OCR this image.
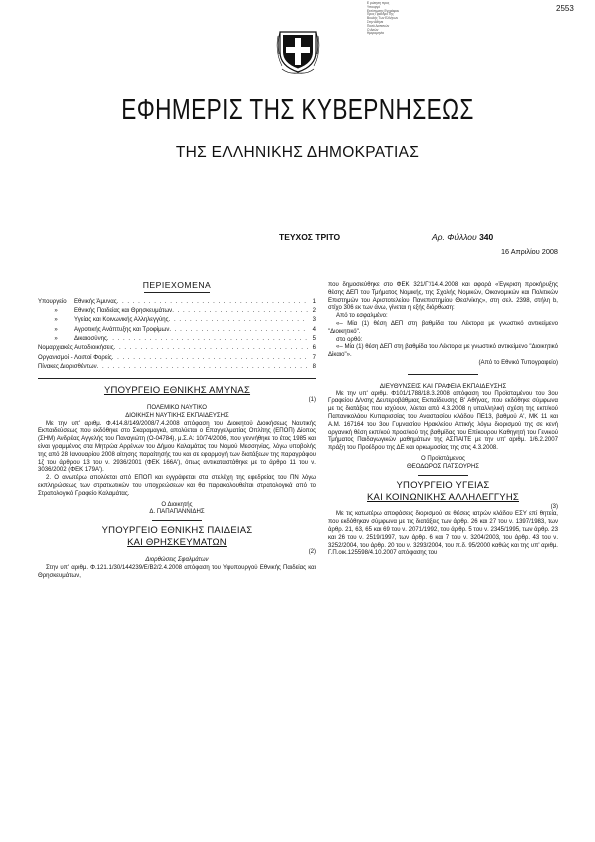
2553
Ε ρώτηση προς
Υπουργό
Εκτύπωσης Εγγράφου
Προς Πρόεδρο Της
Βουλής Των Ελλήνων
Στην Αθήνα
Ποσό Δαπανών
Ο Αιτών
Ημερομηνία
ΕΦΗΜΕΡΙΣ ΤΗΣ ΚΥΒΕΡΝΗΣΕΩΣ
ΤΗΣ ΕΛΛΗΝΙΚΗΣ ΔΗΜΟΚΡΑΤΙΑΣ
ΤΕΥΧΟΣ ΤΡΙΤΟ	Αρ. Φύλλου 340
16 Απριλίου 2008
ΠΕΡΙΕΧΟΜΕΝΑ
Υπουργείο	Εθνικής Άμυνας . . .	1
»	Εθνικής Παιδείας και Θρησκευμάτων . . .	2
»	Υγείας και Κοινωνικής Αλληλεγγύης . . .	3
»	Αγροτικής Ανάπτυξης και Τροφίμων . . .	4
»	Δικαιοσύνης . . .	5
Νομαρχιακές Αυτοδιοικήσεις . . .	6
Οργανισμοί - Λοιποί Φορείς . . .	7
Πίνακες Διορισθέντων . . .	8
ΥΠΟΥΡΓΕΙΟ ΕΘΝΙΚΗΣ ΑΜΥΝΑΣ
(1)
ΠΟΛΕΜΙΚΟ ΝΑΥΤΙΚΟ
ΔΙΟΙΚΗΣΗ ΝΑΥΤΙΚΗΣ ΕΚΠΑΙΔΕΥΣΗΣ

Με την υπ' αριθμ. Φ.414.8/149/2008/7.4.2008 απόφαση του Διοικητού Διοικήσεως Ναυτικής Εκπαιδεύσεως που εκδόθηκε στο Σκαραμαγκά, απολύεται ο Επαγγελματίας Οπλίτης (ΕΠΟΠ) Δίοπος (ΣΗΜ) Ανδρέας Αγγελής του Παναγιώτη (Ο-04784), μ.Σ.Α: 10/74/2006, που γεννήθηκε το έτος 1985 και είναι γραμμένος στα Μητρώα Αρρένων του Δήμου Καλαμάτας του Νομού Μεσσηνίας, λόγω υποβολής της από 28 Ιανουαρίου 2008 αίτησης παραίτησής του και σε εφαρμογή των διατάξεων της παραγράφου 1ζ του άρθρου 13 του ν. 2936/2001 (ΦΕΚ 166Α'), όπως αντικαταστάθηκε με το άρθρο 11 του ν. 3036/2002 (ΦΕΚ 179Α').

2. Ο ανωτέρω απολύεται από ΕΠΟΠ και εγγράφεται στα στελέχη της εφεδρείας του ΠΝ λόγω εκπληρώσεως των στρατιωτικών του υποχρεώσεων και θα παρακολουθείται στρατολογικά από το Στρατολογικό Γραφείο Καλαμάτας.

Ο Διοικητής
Δ. ΠΑΠΑΠΑΝΝΙΔΗΣ
ΥΠΟΥΡΓΕΙΟ ΕΘΝΙΚΗΣ ΠΑΙΔΕΙΑΣ
ΚΑΙ ΘΡΗΣΚΕΥΜΑΤΩΝ
(2)
Διορθώσεις Σφαλμάτων

Στην υπ' αριθμ. Φ.121.1/30/144239/Ε/Β2/2.4.2008 απόφαση του Υφυπουργού Εθνικής Παιδείας και Θρησκευμάτων,

που δημοσιεύθηκε στο ΦΕΚ 321/Γ'/14.4.2008 και αφορά «Έγκριση προκήρυξης θέσης ΔΕΠ του Τμήματος Νομικής, της Σχολής Νομικών, Οικονομικών και Πολιτικών Επιστημών του Αριστοτελείου Πανεπιστημίου Θεσ/νίκης», στη σελ. 2398, στήλη b, στίχο 306 εκ των άνω, γίνεται η εξής διόρθωση:

Από το εσφαλμένο:

«– Μία (1) θέση ΔΕΠ στη βαθμίδα του Λέκτορα με γνωστικό αντικείμενο "Διοικητικό".

στο ορθό:

«– Μία (1) θέση ΔΕΠ στη βαθμίδα του Λέκτορα με γνωστικό αντικείμενο "Διοικητικό Δίκαιο"».

(Από το Εθνικό Τυπογραφείο)
ΔΙΕΥΘΥΝΣΕΙΣ ΚΑΙ ΓΡΑΦΕΙΑ ΕΚΠΑΙΔΕΥΣΗΣ

Με την υπ' αριθμ. Φ101/1788/18.3.2008 απόφαση του Προϊσταμένου του 3ου Γραφείου Δ/νσης Δευτεροβάθμιας Εκπαίδευσης Β' Αθήνας, που εκδόθηκε σύμφωνα με τις διατάξεις που ισχύουν, λύεται από 4.3.2008 η υπαλληλική σχέση της εκπ/κού Παπανικολάου Κυπαρισσίας του Αναστασίου κλάδου ΠΕ13, βαθμού Α', ΜΚ 11 και Α.Μ. 167164 του 3ου Γυμνασίου Ηρακλείου Αττικής λόγω διορισμού της σε κενή οργανική θέση εκπ/κού προσ/κού της βαθμίδας του Επίκουρου Καθηγητή του Γενικού Τμήματος Παιδαγωγικών μαθημάτων της ΑΣΠΑΙΤΕ με την υπ' αριθμ. 1/6.2.2007 πράξη του Προέδρου της ΔΕ και ορκωμοσίας της στις 4.3.2008.

Ο Προϊστάμενος
ΘΕΟΔΩΡΟΣ ΠΑΤΣΟΥΡΗΣ
ΥΠΟΥΡΓΕΙΟ ΥΓΕΙΑΣ
ΚΑΙ ΚΟΙΝΩΝΙΚΗΣ ΑΛΛΗΛΕΓΓΥΗΣ
(3)

Με τις κατωτέρω αποφάσεις διορισμού σε θέσεις ιατρών κλάδου ΕΣΥ επί θητεία, που εκδόθηκαν σύμφωνα με τις διατάξεις των άρθρ. 26 και 27 του ν. 1397/1983, των άρθρ. 21, 63, 65 και 69 του ν. 2071/1992, του άρθρ. 5 του ν. 2345/1995, των άρθρ. 23 και 26 του ν. 2519/1997, των άρθρ. 6 και 7 του ν. 3204/2003, του άρθρ. 43 του ν. 3252/2004, του άρθρ. 20 του ν. 3293/2004, του π.δ. 95/2000 καθώς και της υπ' αριθμ. Γ.Π.οικ.125598/4.10.2007 απόφασης του
